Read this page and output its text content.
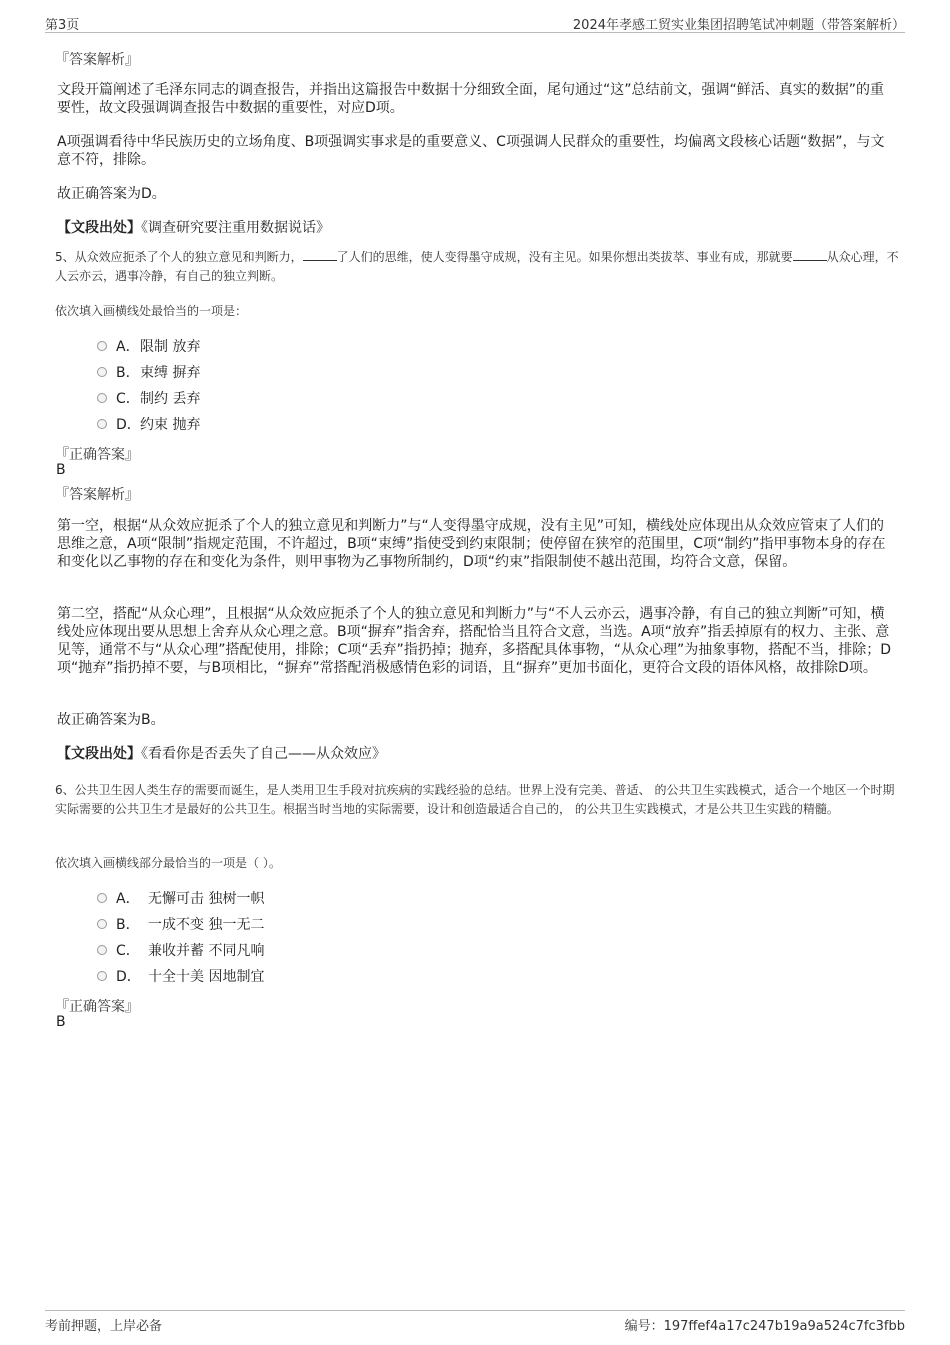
第3页	2024年孝感工贸实业集团招聘笔试冲刺题（带答案解析）
『答案解析』

文段开篇阐述了毛泽东同志的调查报告，并指出这篇报告中数据十分细致全面，尾句通过“这”总结前文，强调“鲜活、真实的数据”的重要性，故文段强调调查报告中数据的重要性，对应D项。

A项强调看待中华民族历史的立场角度、B项强调实事求是的重要意义、C项强调人民群众的重要性，均偏离文段核心话题“数据”，与文意不符，排除。

故正确答案为D。

【文段出处】《调查研究要注重用数据说话》

5、从众效应扼杀了个人的独立意见和判断力，	了人们的思维，使人变得墨守成规，没有主见。如果你想出类拔萃、事业有成，那就要	从众心理，不人云亦云，遇事冷静，有自己的独立判断。

依次填入画横线处最恰当的一项是：

A．限制 放弃
B．束缚 摒弃
C．制约 丢弃
D．约束 抛弃
『正确答案』
B
『答案解析』

第一空，根据“从众效应扼杀了个人的独立意见和判断力”与“人变得墨守成规，没有主见”可知，横线处应体现出从众效应管束了人们的思维之意，A项“限制”指规定范围，不许超过，B项“束缚”指使受到约束限制；使停留在狭窄的范围里，C项“制约”指甲事物本身的存在和变化以乙事物的存在和变化为条件，则甲事物为乙事物所制约，D项“约束”指限制使不越出范围，均符合文意，保留。

第二空，搭配“从众心理”，且根据“从众效应扼杀了个人的独立意见和判断力”与“不人云亦云，遇事冷静，有自己的独立判断”可知，横线处应体现出要从思想上舍弃从众心理之意。B项“摒弃”指舍弃，搭配恰当且符合文意，当选。A项“放弃”指丢掉原有的权力、主张、意见等，通常不与“从众心理”搭配使用，排除；C项“丢弃”指扔掉；抛弃，多搭配具体事物，“从众心理”为抽象事物，搭配不当，排除；D项“抛弃”指扔掉不要，与B项相比，“摒弃”常搭配消极感情色彩的词语，且“摒弃”更加书面化，更符合文段的语体风格，故排除D项。

故正确答案为B。

【文段出处】《看看你是否丢失了自己——从众效应》

6、公共卫生因人类生存的需要而诞生，是人类用卫生手段对抗疾病的实践经验的总结。世界上没有完美、普适、 的公共卫生实践模式，适合一个地区一个时期实际需要的公共卫生才是最好的公共卫生。根据当时当地的实际需要，设计和创造最适合自己的， 的公共卫生实践模式，才是公共卫生实践的精髓。

依次填入画横线部分最恰当的一项是（ ）。

A． 无懈可击 独树一帜
B． 一成不变 独一无二
C． 兼收并蓄 不同凡响
D． 十全十美 因地制宜
『正确答案』
B
考前押题，上岸必备	编号：197ffef4a17c247b19a9a524c7fc3fbb
